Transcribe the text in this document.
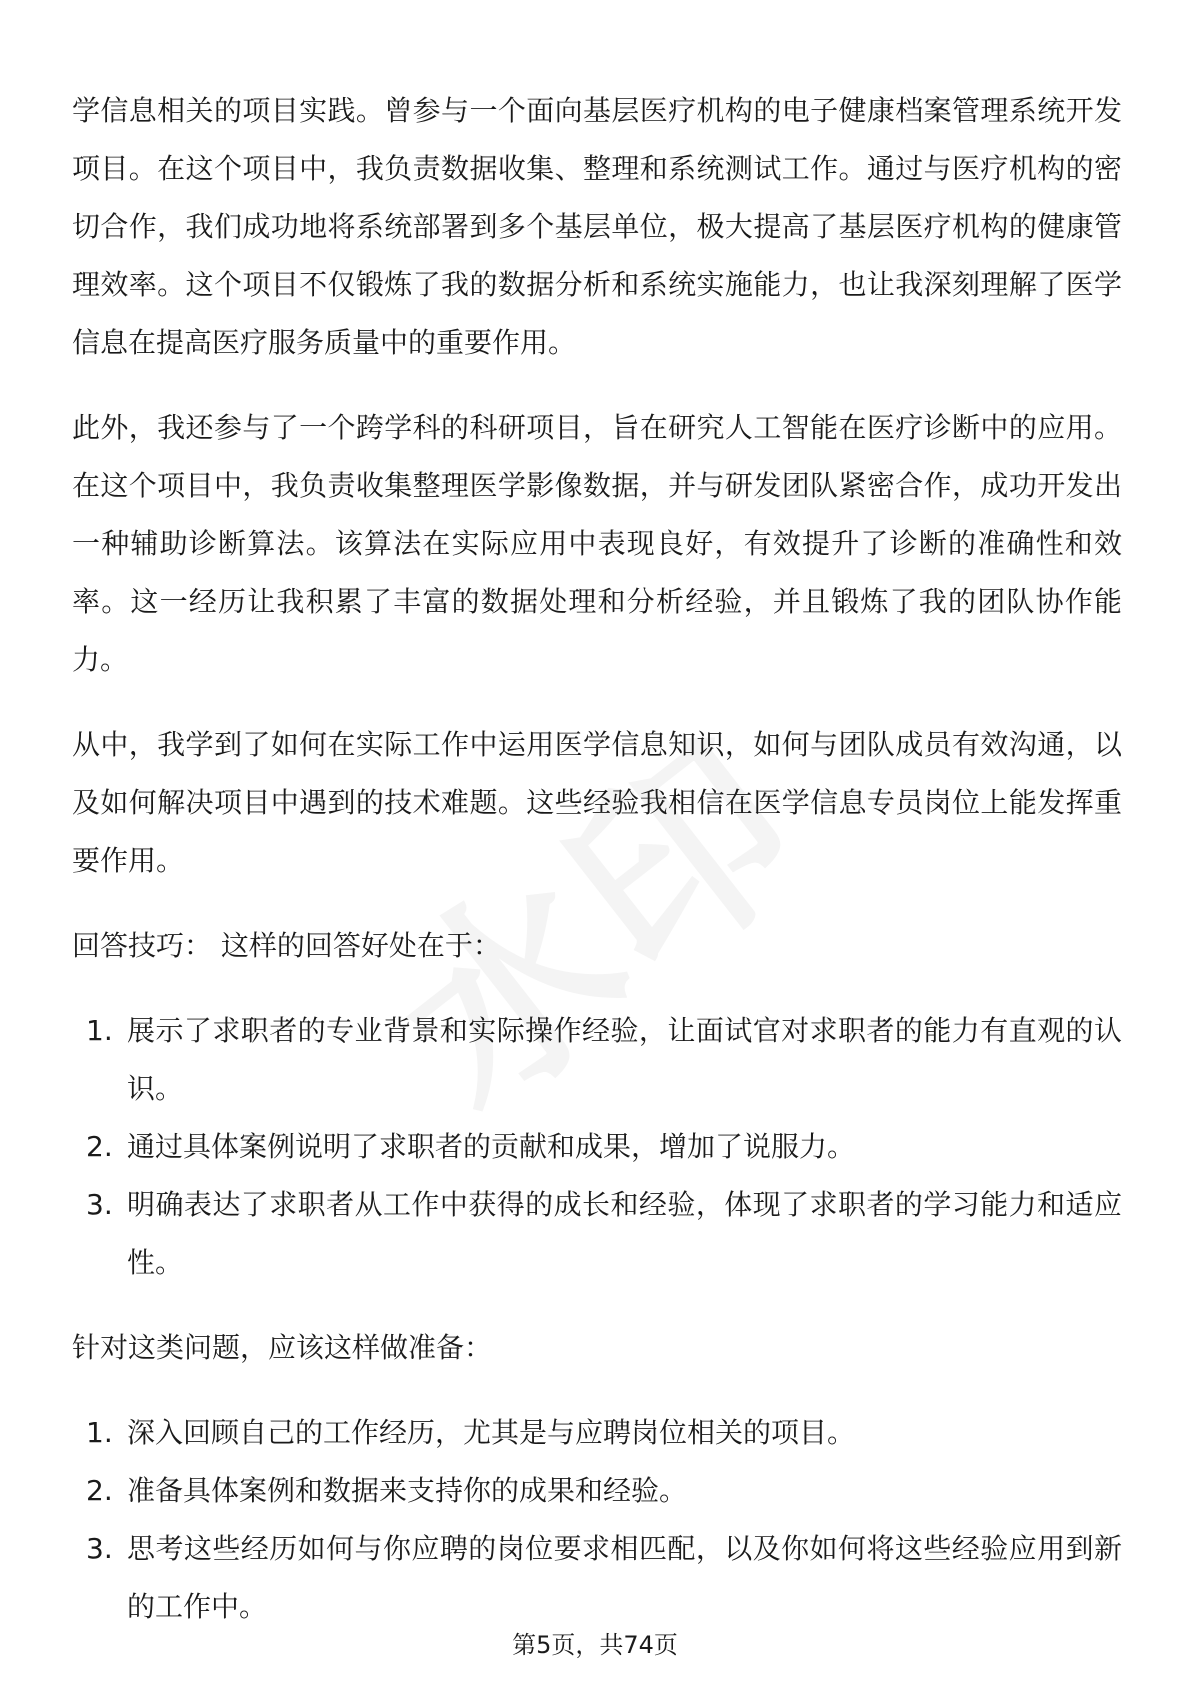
学信息相关的项目实践。曾参与一个面向基层医疗机构的电子健康档案管理系统开发项目。在这个项目中，我负责数据收集、整理和系统测试工作。通过与医疗机构的密切合作，我们成功地将系统部署到多个基层单位，极大提高了基层医疗机构的健康管理效率。这个项目不仅锻炼了我的数据分析和系统实施能力，也让我深刻理解了医学信息在提高医疗服务质量中的重要作用。

此外，我还参与了一个跨学科的科研项目，旨在研究人工智能在医疗诊断中的应用。在这个项目中，我负责收集整理医学影像数据，并与研发团队紧密合作，成功开发出一种辅助诊断算法。该算法在实际应用中表现良好，有效提升了诊断的准确性和效率。这一经历让我积累了丰富的数据处理和分析经验，并且锻炼了我的团队协作能力。

从中，我学到了如何在实际工作中运用医学信息知识，如何与团队成员有效沟通，以及如何解决项目中遇到的技术难题。这些经验我相信在医学信息专员岗位上能发挥重要作用。

回答技巧： 这样的回答好处在于：

1. 展示了求职者的专业背景和实际操作经验，让面试官对求职者的能力有直观的认识。
2. 通过具体案例说明了求职者的贡献和成果，增加了说服力。
3. 明确表达了求职者从工作中获得的成长和经验，体现了求职者的学习能力和适应性。

针对这类问题，应该这样做准备：

1. 深入回顾自己的工作经历，尤其是与应聘岗位相关的项目。
2. 准备具体案例和数据来支持你的成果和经验。
3. 思考这些经历如何与你应聘的岗位要求相匹配，以及你如何将这些经验应用到新的工作中。
第5页，共74页
